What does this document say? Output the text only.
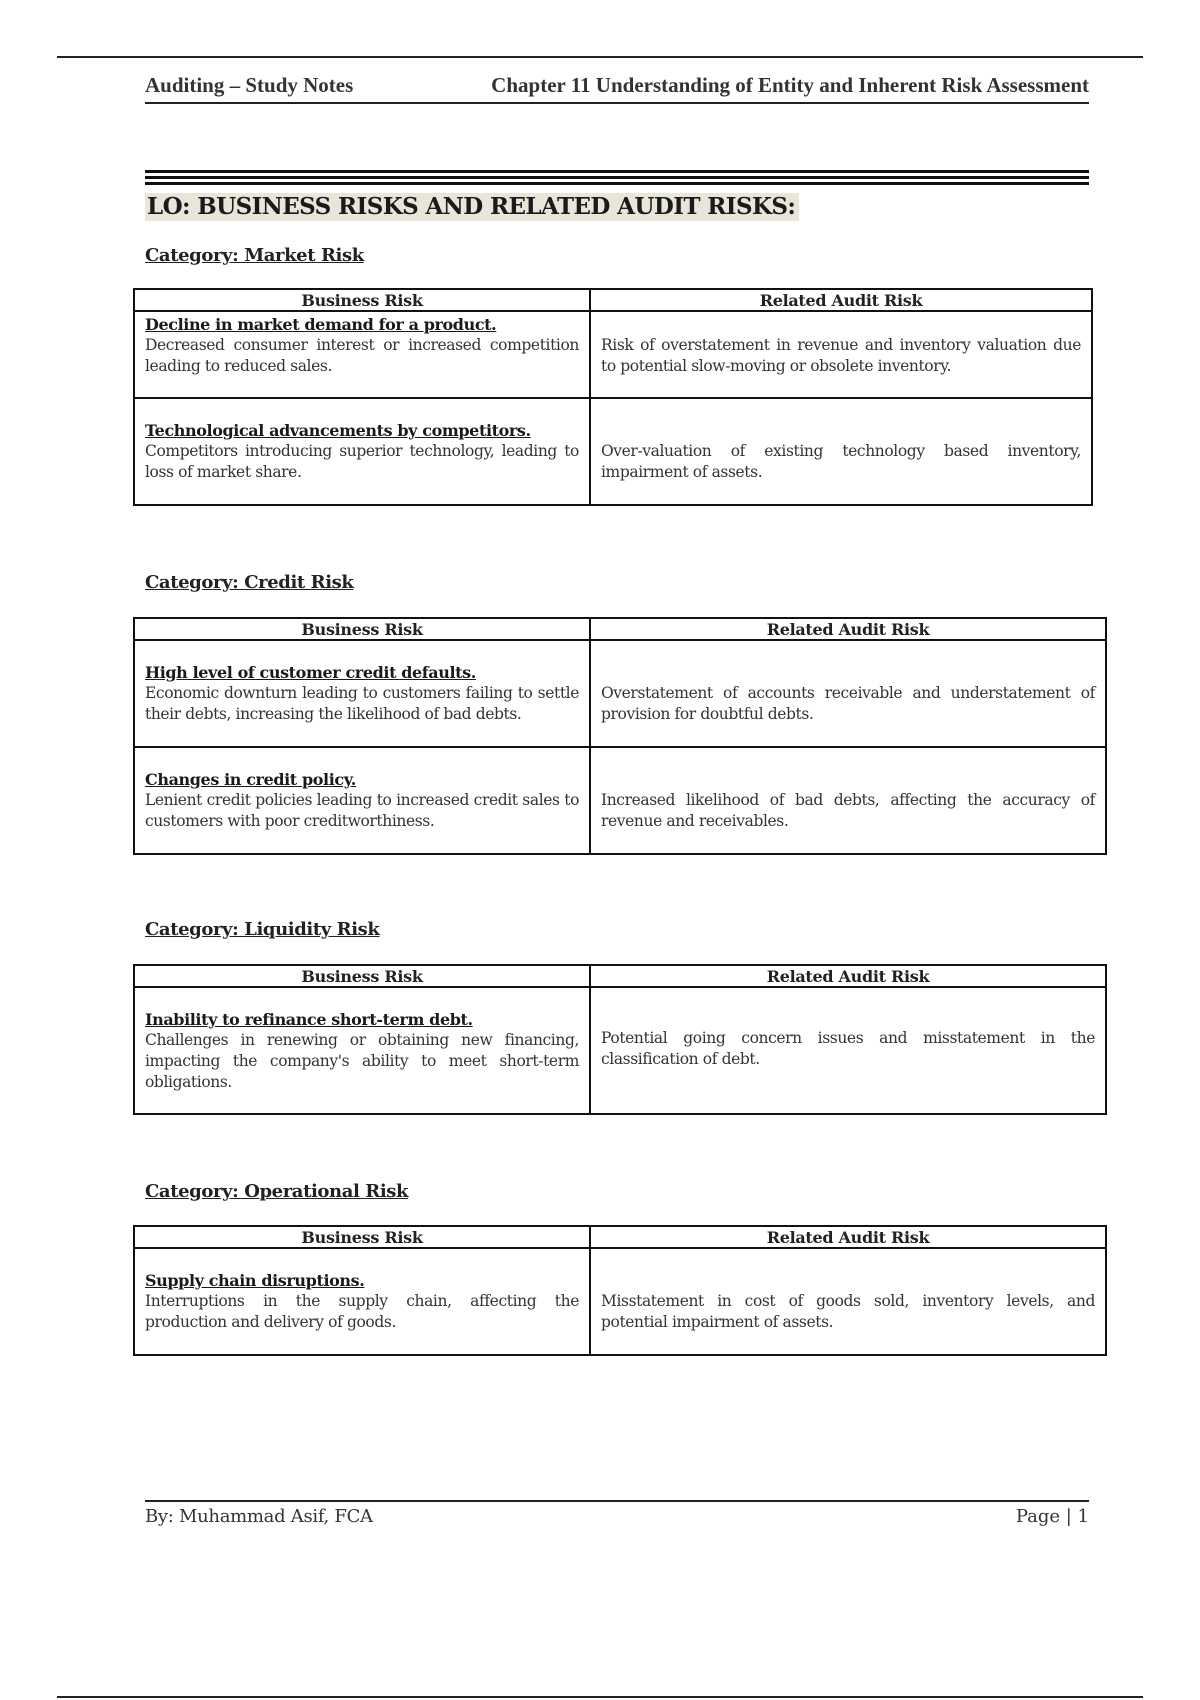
Auditing – Study Notes	Chapter 11 Understanding of Entity and Inherent Risk Assessment
LO: BUSINESS RISKS AND RELATED AUDIT RISKS:
Category: Market Risk
Business Risk	Related Audit Risk

Decline in market demand for a product.
Decreased consumer interest or increased competition leading to reduced sales.	Risk of overstatement in revenue and inventory valuation due to potential slow-moving or obsolete inventory.

Technological advancements by competitors.
Competitors introducing superior technology, leading to loss of market share.	Over-valuation of existing technology based inventory, impairment of assets.
Category: Credit Risk
Business Risk	Related Audit Risk

High level of customer credit defaults.
Economic downturn leading to customers failing to settle their debts, increasing the likelihood of bad debts.	Overstatement of accounts receivable and understatement of provision for doubtful debts.

Changes in credit policy.
Lenient credit policies leading to increased credit sales to customers with poor creditworthiness.	Increased likelihood of bad debts, affecting the accuracy of revenue and receivables.
Category: Liquidity Risk
Business Risk	Related Audit Risk

Inability to refinance short-term debt.
Challenges in renewing or obtaining new financing, impacting the company's ability to meet short-term obligations.	Potential going concern issues and misstatement in the classification of debt.
Category: Operational Risk
Business Risk	Related Audit Risk

Supply chain disruptions.
Interruptions in the supply chain, affecting the production and delivery of goods.	Misstatement in cost of goods sold, inventory levels, and potential impairment of assets.
By: Muhammad Asif, FCA	Page | 1
